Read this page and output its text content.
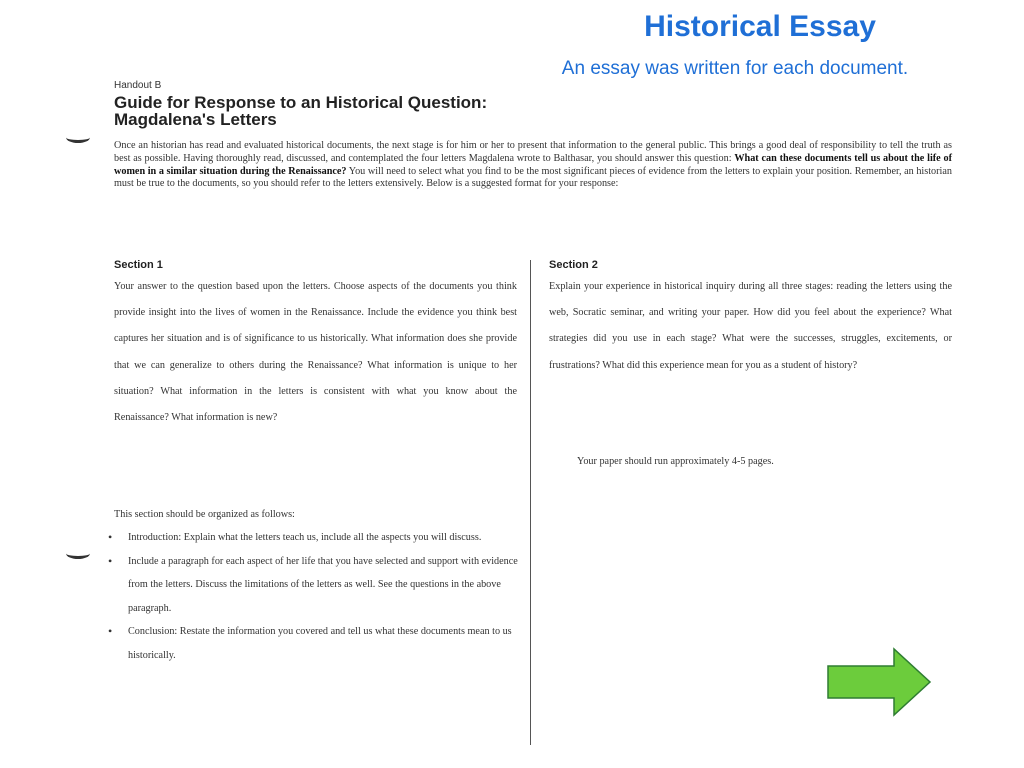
Historical Essay
An essay was written for each document.
Handout B
Guide for Response to an Historical Question: Magdalena's Letters
Once an historian has read and evaluated historical documents, the next stage is for him or her to present that information to the general public. This brings a good deal of responsibility to tell the truth as best as possible. Having thoroughly read, discussed, and contemplated the four letters Magdalena wrote to Balthasar, you should answer this question: What can these documents tell us about the life of women in a similar situation during the Renaissance? You will need to select what you find to be the most significant pieces of evidence from the letters to explain your position. Remember, an historian must be true to the documents, so you should refer to the letters extensively. Below is a suggested format for your response:
Section 1
Your answer to the question based upon the letters. Choose aspects of the documents you think provide insight into the lives of women in the Renaissance. Include the evidence you think best captures her situation and is of significance to us historically. What information does she provide that we can generalize to others during the Renaissance? What information is unique to her situation? What information in the letters is consistent with what you know about the Renaissance? What information is new?
This section should be organized as follows:
• Introduction: Explain what the letters teach us, include all the aspects you will discuss.
• Include a paragraph for each aspect of her life that you have selected and support with evidence from the letters. Discuss the limitations of the letters as well. See the questions in the above paragraph.
• Conclusion: Restate the information you covered and tell us what these documents mean to us historically.
Section 2
Explain your experience in historical inquiry during all three stages: reading the letters using the web, Socratic seminar, and writing your paper. How did you feel about the experience? What strategies did you use in each stage? What were the successes, struggles, excitements, or frustrations? What did this experience mean for you as a student of history?
Your paper should run approximately 4-5 pages.
